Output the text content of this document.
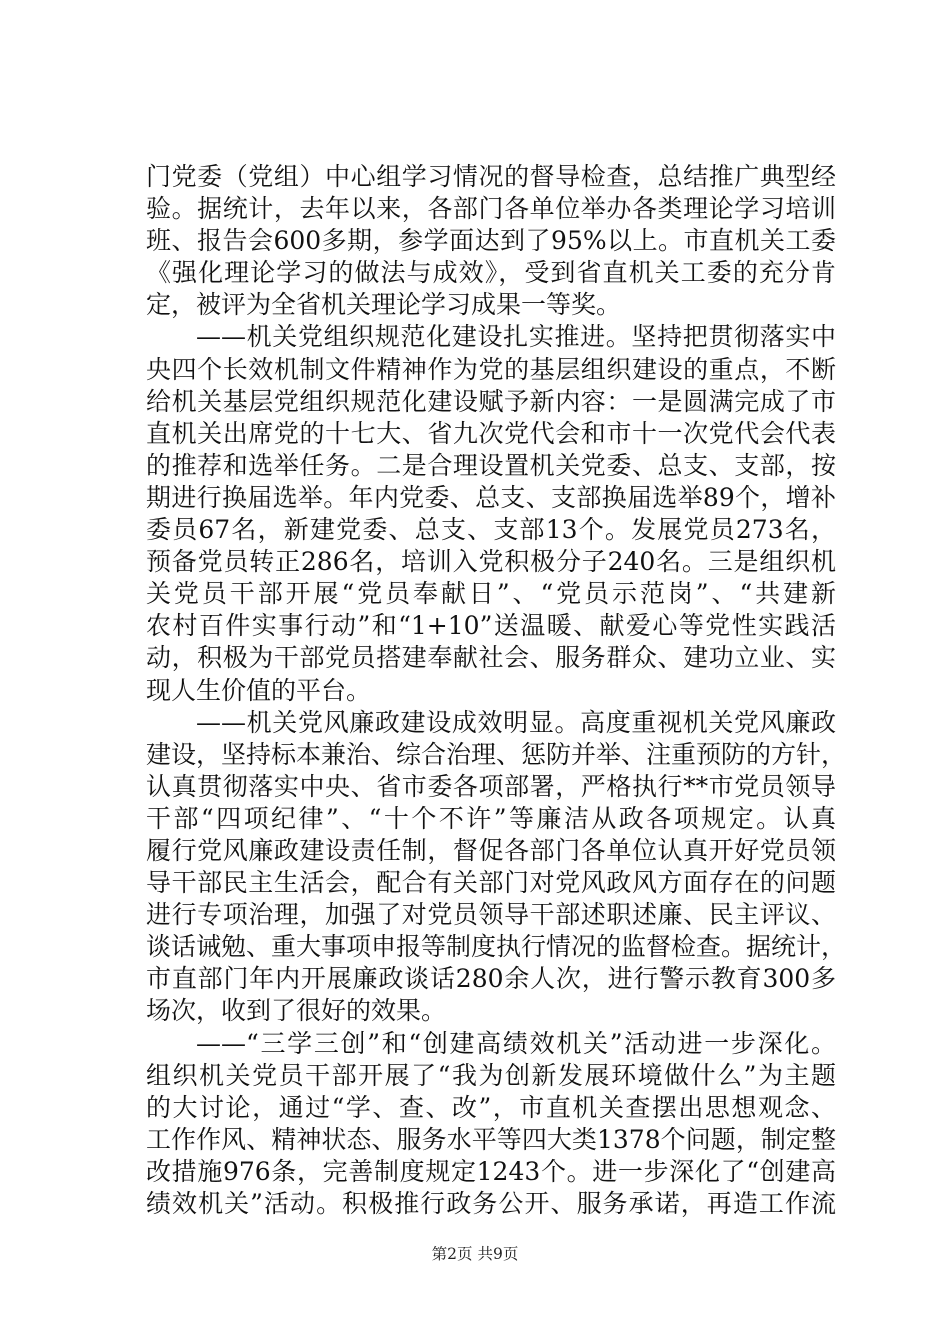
门党委（党组）中心组学习情况的督导检查，总结推广典型经
验。据统计，去年以来，各部门各单位举办各类理论学习培训
班、报告会600多期，参学面达到了95%以上。市直机关工委
《强化理论学习的做法与成效》，受到省直机关工委的充分肯
定，被评为全省机关理论学习成果一等奖。
——机关党组织规范化建设扎实推进。坚持把贯彻落实中
央四个长效机制文件精神作为党的基层组织建设的重点，不断
给机关基层党组织规范化建设赋予新内容：一是圆满完成了市
直机关出席党的十七大、省九次党代会和市十一次党代会代表
的推荐和选举任务。二是合理设置机关党委、总支、支部，按
期进行换届选举。年内党委、总支、支部换届选举89个，增补
委员67名，新建党委、总支、支部13个。发展党员273名，
预备党员转正286名，培训入党积极分子240名。三是组织机
关党员干部开展“党员奉献日”、“党员示范岗”、“共建新
农村百件实事行动”和“1+10”送温暖、献爱心等党性实践活
动，积极为干部党员搭建奉献社会、服务群众、建功立业、实
现人生价值的平台。
——机关党风廉政建设成效明显。高度重视机关党风廉政
建设，坚持标本兼治、综合治理、惩防并举、注重预防的方针，
认真贯彻落实中央、省市委各项部署，严格执行**市党员领导
干部“四项纪律”、“十个不许”等廉洁从政各项规定。认真
履行党风廉政建设责任制，督促各部门各单位认真开好党员领
导干部民主生活会，配合有关部门对党风政风方面存在的问题
进行专项治理，加强了对党员领导干部述职述廉、民主评议、
谈话诫勉、重大事项申报等制度执行情况的监督检查。据统计，
市直部门年内开展廉政谈话280余人次，进行警示教育300多
场次，收到了很好的效果。
——“三学三创”和“创建高绩效机关”活动进一步深化。
组织机关党员干部开展了“我为创新发展环境做什么”为主题
的大讨论，通过“学、查、改”，市直机关查摆出思想观念、
工作作风、精神状态、服务水平等四大类1378个问题，制定整
改措施976条，完善制度规定1243个。进一步深化了“创建高
绩效机关”活动。积极推行政务公开、服务承诺，再造工作流
第2页 共9页
